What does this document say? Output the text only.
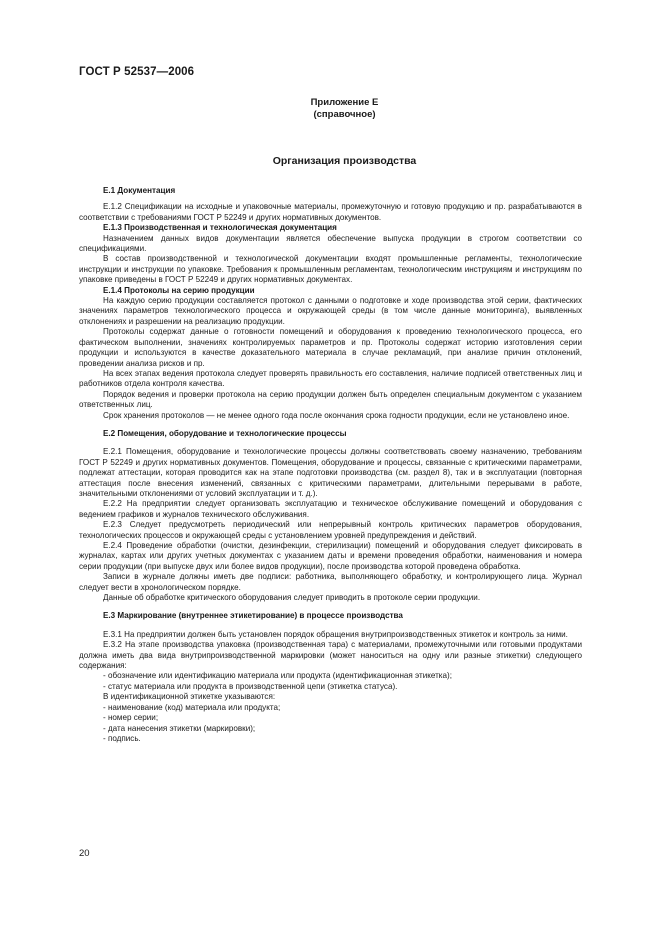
ГОСТ Р 52537—2006
Приложение Е
(справочное)
Организация производства

Е.1 Документация

Е.1.2 Спецификации на исходные и упаковочные материалы, промежуточную и готовую продукцию и пр. разрабатываются в соответствии с требованиями ГОСТ Р 52249 и других нормативных документов.

Е.1.3 Производственная и технологическая документация

Назначением данных видов документации является обеспечение выпуска продукции в строгом соответствии со спецификациями.

В состав производственной и технологической документации входят промышленные регламенты, технологические инструкции и инструкции по упаковке. Требования к промышленным регламентам, технологическим инструкциям и инструкциям по упаковке приведены в ГОСТ Р 52249 и других нормативных документах.

Е.1.4 Протоколы на серию продукции

На каждую серию продукции составляется протокол с данными о подготовке и ходе производства этой серии, фактических значениях параметров технологического процесса и окружающей среды (в том числе данные мониторинга), выявленных отклонениях и разрешении на реализацию продукции.

Протоколы содержат данные о готовности помещений и оборудования к проведению технологического процесса, его фактическом выполнении, значениях контролируемых параметров и пр. Протоколы содержат историю изготовления серии продукции и используются в качестве доказательного материала в случае рекламаций, при анализе причин отклонений, проведении анализа рисков и пр.

На всех этапах ведения протокола следует проверять правильность его составления, наличие подписей ответственных лиц и работников отдела контроля качества.

Порядок ведения и проверки протокола на серию продукции должен быть определен специальным документом с указанием ответственных лиц.

Срок хранения протоколов — не менее одного года после окончания срока годности продукции, если не установлено иное.

Е.2 Помещения, оборудование и технологические процессы

Е.2.1 Помещения, оборудование и технологические процессы должны соответствовать своему назначению, требованиям ГОСТ Р 52249 и других нормативных документов. Помещения, оборудование и процессы, связанные с критическими параметрами, подлежат аттестации, которая проводится как на этапе подготовки производства (см. раздел 8), так и в эксплуатации (повторная аттестация после внесения изменений, связанных с критическими параметрами, длительными перерывами в работе, значительными отклонениями от условий эксплуатации и т. д.).

Е.2.2 На предприятии следует организовать эксплуатацию и техническое обслуживание помещений и оборудования с ведением графиков и журналов технического обслуживания.

Е.2.3 Следует предусмотреть периодический или непрерывный контроль критических параметров оборудования, технологических процессов и окружающей среды с установлением уровней предупреждения и действий.

Е.2.4 Проведение обработки (очистки, дезинфекции, стерилизации) помещений и оборудования следует фиксировать в журналах, картах или других учетных документах с указанием даты и времени проведения обработки, наименования и номера серии продукции (при выпуске двух или более видов продукции), после производства которой проведена обработка.

Записи в журнале должны иметь две подписи: работника, выполняющего обработку, и контролирующего лица. Журнал следует вести в хронологическом порядке.

Данные об обработке критического оборудования следует приводить в протоколе серии продукции.

Е.3 Маркирование (внутреннее этикетирование) в процессе производства

Е.3.1 На предприятии должен быть установлен порядок обращения внутрипроизводственных этикеток и контроль за ними.

Е.3.2 На этапе производства упаковка (производственная тара) с материалами, промежуточными или готовыми продуктами должна иметь два вида внутрипроизводственной маркировки (может наноситься на одну или разные этикетки) следующего содержания:

- обозначение или идентификацию материала или продукта (идентификационная этикетка);

- статус материала или продукта в производственной цепи (этикетка статуса).

В идентификационной этикетке указываются:

- наименование (код) материала или продукта;

- номер серии;

- дата нанесения этикетки (маркировки);

- подпись.

20
